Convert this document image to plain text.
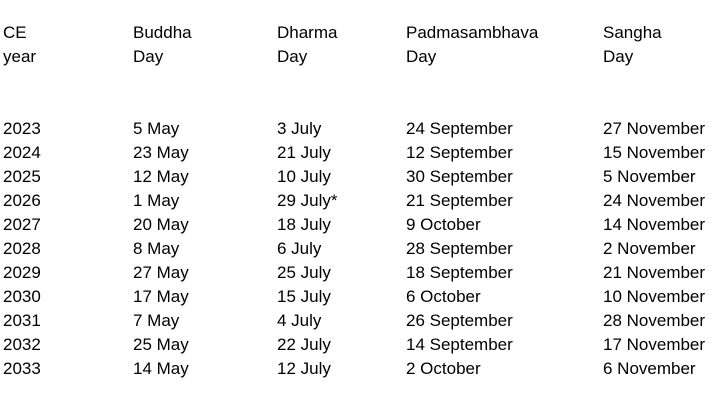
CE
year
2023
2024
2025
2026
2027
2028
2029
2030
2031
2032
2033
Buddha
Day
5 May
23 May
12 May
1 May
20 May
8 May
27 May
17 May
7 May
25 May
14 May
Dharma
Day
3 July
21 July
10 July
29 July*
18 July
6 July
25 July
15 July
4 July
22 July
12 July
Padmasambhava
Day
24 September
12 September
30 September
21 September
9 October
28 September
18 September
6 October
26 September
14 September
2 October
Sangha
Day
27 November
15 November
5 November
24 November
14 November
2 November
21 November
10 November
28 November
17 November
6 November
